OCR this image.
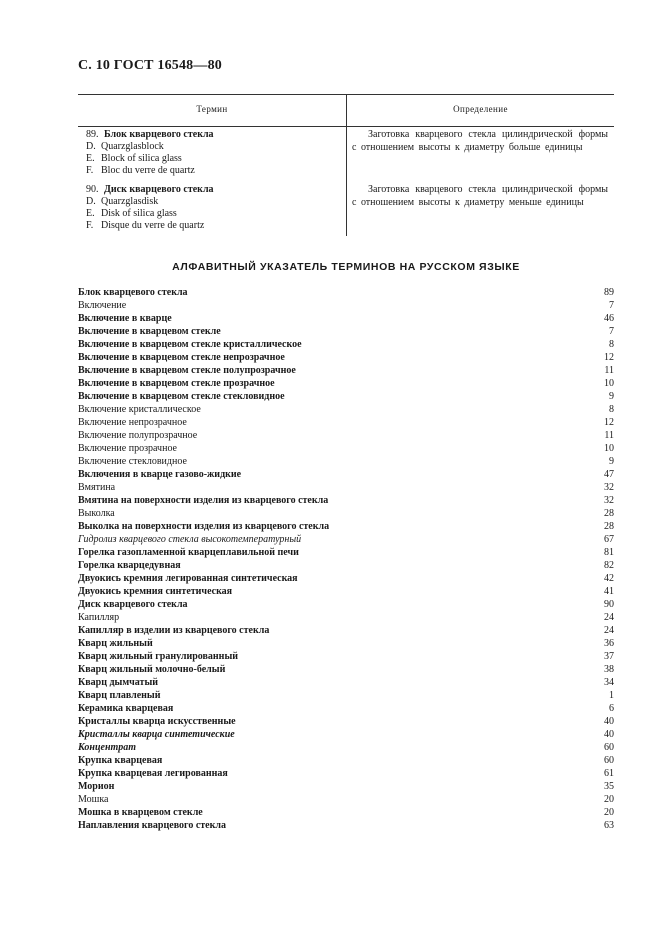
С. 10 ГОСТ 16548—80
Термин	Определение
89. Блок кварцевого стекла
D. Quarzglasblock
E. Block of silica glass
F. Bloc du verre de quartz
Заготовка кварцевого стекла цилиндрической формы с отношением высоты к диаметру больше единицы
90. Диск кварцевого стекла
D. Quarzglasdisk
E. Disk of silica glass
F. Disque du verre de quartz
Заготовка кварцевого стекла цилиндрической формы с отношением высоты к диаметру меньше единицы
АЛФАВИТНЫЙ УКАЗАТЕЛЬ ТЕРМИНОВ НА РУССКОМ ЯЗЫКЕ
Блок кварцевого стекла	89
Включение	7
Включение в кварце	46
Включение в кварцевом стекле	7
Включение в кварцевом стекле кристаллическое	8
Включение в кварцевом стекле непрозрачное	12
Включение в кварцевом стекле полупрозрачное	11
Включение в кварцевом стекле прозрачное	10
Включение в кварцевом стекле стекловидное	9
Включение кристаллическое	8
Включение непрозрачное	12
Включение полупрозрачное	11
Включение прозрачное	10
Включение стекловидное	9
Включения в кварце газово-жидкие	47
Вмятина	32
Вмятина на поверхности изделия из кварцевого стекла	32
Выколка	28
Выколка на поверхности изделия из кварцевого стекла	28
Гидролиз кварцевого стекла высокотемпературный	67
Горелка газопламенной кварцеплавильной печи	81
Горелка кварцедувная	82
Двуокись кремния легированная синтетическая	42
Двуокись кремния синтетическая	41
Диск кварцевого стекла	90
Капилляр	24
Капилляр в изделии из кварцевого стекла	24
Кварц жильный	36
Кварц жильный гранулированный	37
Кварц жильный молочно-белый	38
Кварц дымчатый	34
Кварц плавленый	1
Керамика кварцевая	6
Кристаллы кварца искусственные	40
Кристаллы кварца синтетические	40
Концентрат	60
Крупка кварцевая	60
Крупка кварцевая легированная	61
Морион	35
Мошка	20
Мошка в кварцевом стекле	20
Наплавления кварцевого стекла	63
